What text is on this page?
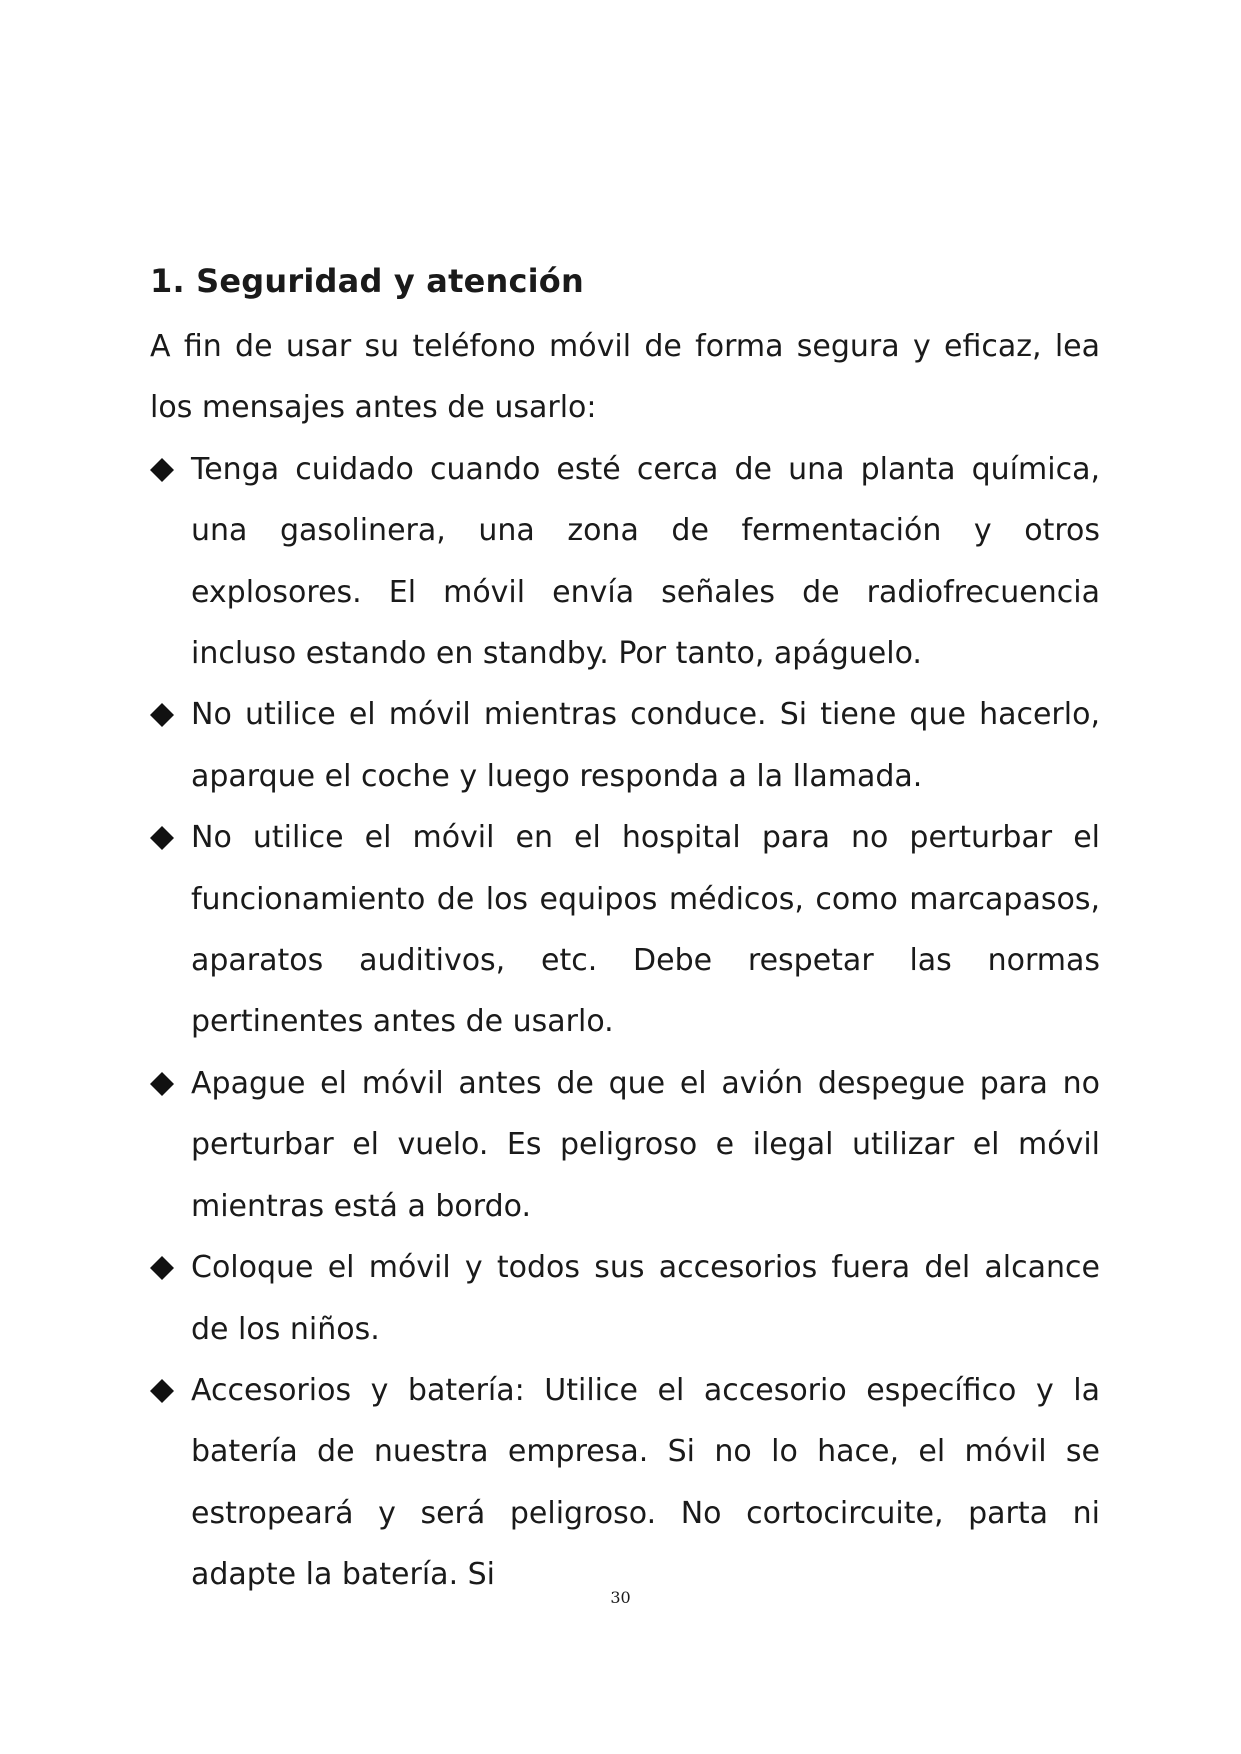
1. Seguridad y atención

A fin de usar su teléfono móvil de forma segura y eficaz, lea los mensajes antes de usarlo:

Tenga cuidado cuando esté cerca de una planta química, una gasolinera, una zona de fermentación y otros explosores. El móvil envía señales de radiofrecuencia incluso estando en standby. Por tanto, apáguelo.
No utilice el móvil mientras conduce. Si tiene que hacerlo, aparque el coche y luego responda a la llamada.
No utilice el móvil en el hospital para no perturbar el funcionamiento de los equipos médicos, como marcapasos, aparatos auditivos, etc. Debe respetar las normas pertinentes antes de usarlo.
Apague el móvil antes de que el avión despegue para no perturbar el vuelo. Es peligroso e ilegal utilizar el móvil mientras está a bordo.
Coloque el móvil y todos sus accesorios fuera del alcance de los niños.
Accesorios y batería: Utilice el accesorio específico y la batería de nuestra empresa. Si no lo hace, el móvil se estropeará y será peligroso. No cortocircuite, parta ni adapte la batería. Si

30
